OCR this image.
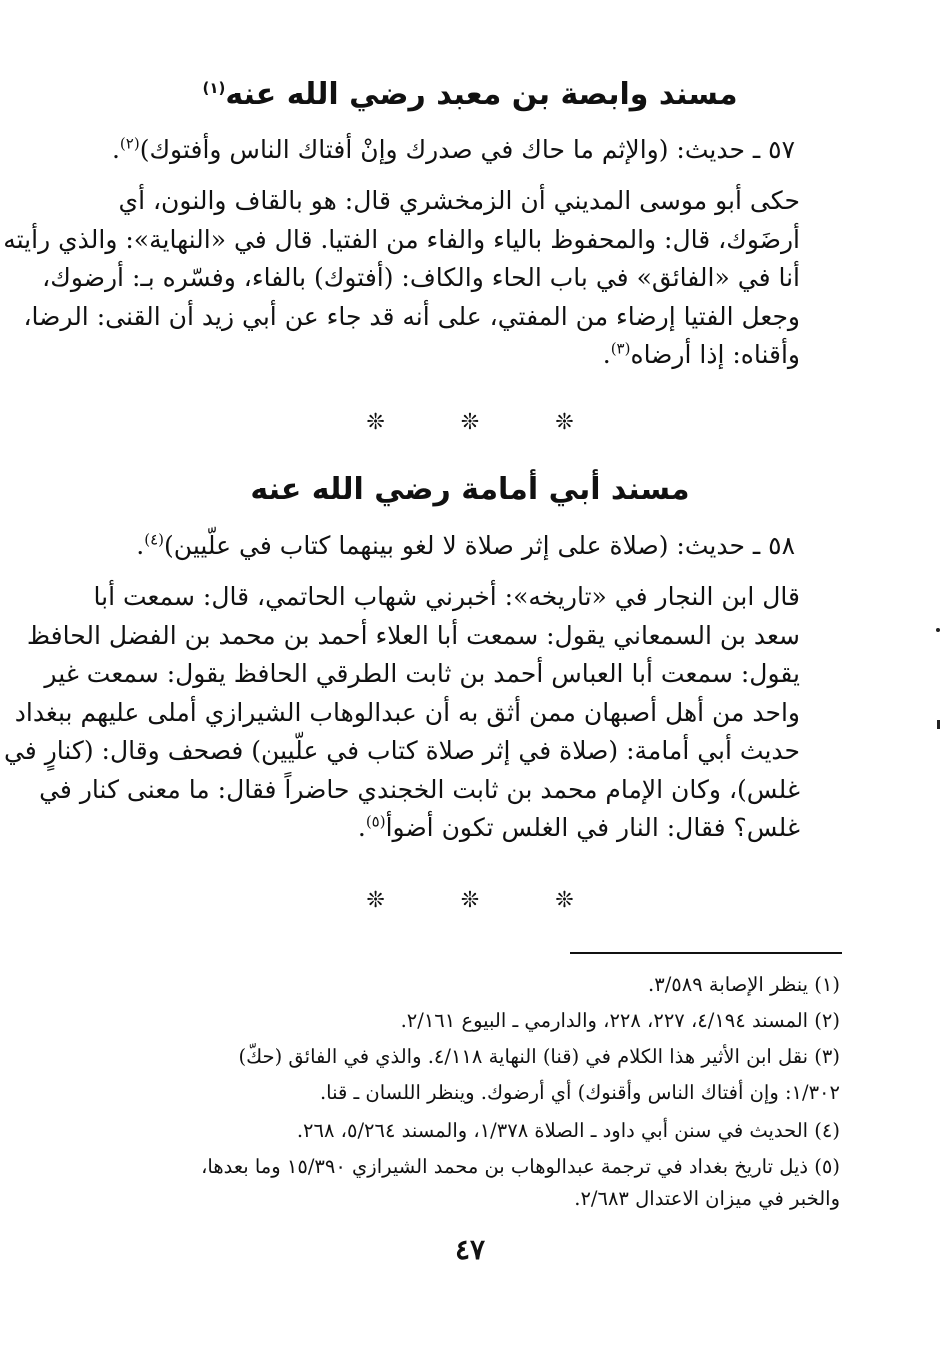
مسند وابصة بن معبد رضي الله عنه$^{(١)}$
٥٧ ـ حديث: (والإثم ما حاك في صدرك وإنْ أفتاك الناس وأفتوك)$^{(٢)}$.
حكى أبو موسى المديني أن الزمخشري قال: هو بالقاف والنون، أي
أرضَوك، قال: والمحفوظ بالياء والفاء من الفتيا. قال في «النهاية»: والذي رأيته
أنا في «الفائق» في باب الحاء والكاف: (أفتوك) بالفاء، وفسّره بـ: أرضوك،
وجعل الفتيا إرضاء من المفتي، على أنه قد جاء عن أبي زيد أن القنى: الرضا،
وأقناه: إذا أرضاه$^{(٣)}$.
❊	❊	❊
مسند أبي أمامة رضي الله عنه
٥٨ ـ حديث: (صلاة على إثر صلاة لا لغو بينهما كتاب في علّيين)$^{(٤)}$.
قال ابن النجار في «تاريخه»: أخبرني شهاب الحاتمي، قال: سمعت أبا
سعد بن السمعاني يقول: سمعت أبا العلاء أحمد بن محمد بن الفضل الحافظ
يقول: سمعت أبا العباس أحمد بن ثابت الطرقي الحافظ يقول: سمعت غير
واحد من أهل أصبهان ممن أثق به أن عبدالوهاب الشيرازي أملى عليهم ببغداد
حديث أبي أمامة: (صلاة في إثر صلاة كتاب في علّيين) فصحف وقال: (كنارٍ في
غلس)، وكان الإمام محمد بن ثابت الخجندي حاضراً فقال: ما معنى كنار في
غلس؟ فقال: النار في الغلس تكون أضوأ$^{(٥)}$.
❊	❊	❊
(١) ينظر الإصابة ٣/٥٨٩.
(٢) المسند ٤/١٩٤، ٢٢٧، ٢٢٨، والدارمي ـ البيوع ٢/١٦١.
(٣) نقل ابن الأثير هذا الكلام في (قنا) النهاية ٤/١١٨. والذي في الفائق (حكّ)
١/٣٠٢: وإن أفتاك الناس وأقنوك) أي أرضوك. وينظر اللسان ـ قنا.
(٤) الحديث في سنن أبي داود ـ الصلاة ١/٣٧٨، والمسند ٥/٢٦٤، ٢٦٨.
(٥) ذيل تاريخ بغداد في ترجمة عبدالوهاب بن محمد الشيرازي ١٥/٣٩٠ وما بعدها،
والخبر في ميزان الاعتدال ٢/٦٨٣.
٤٧
